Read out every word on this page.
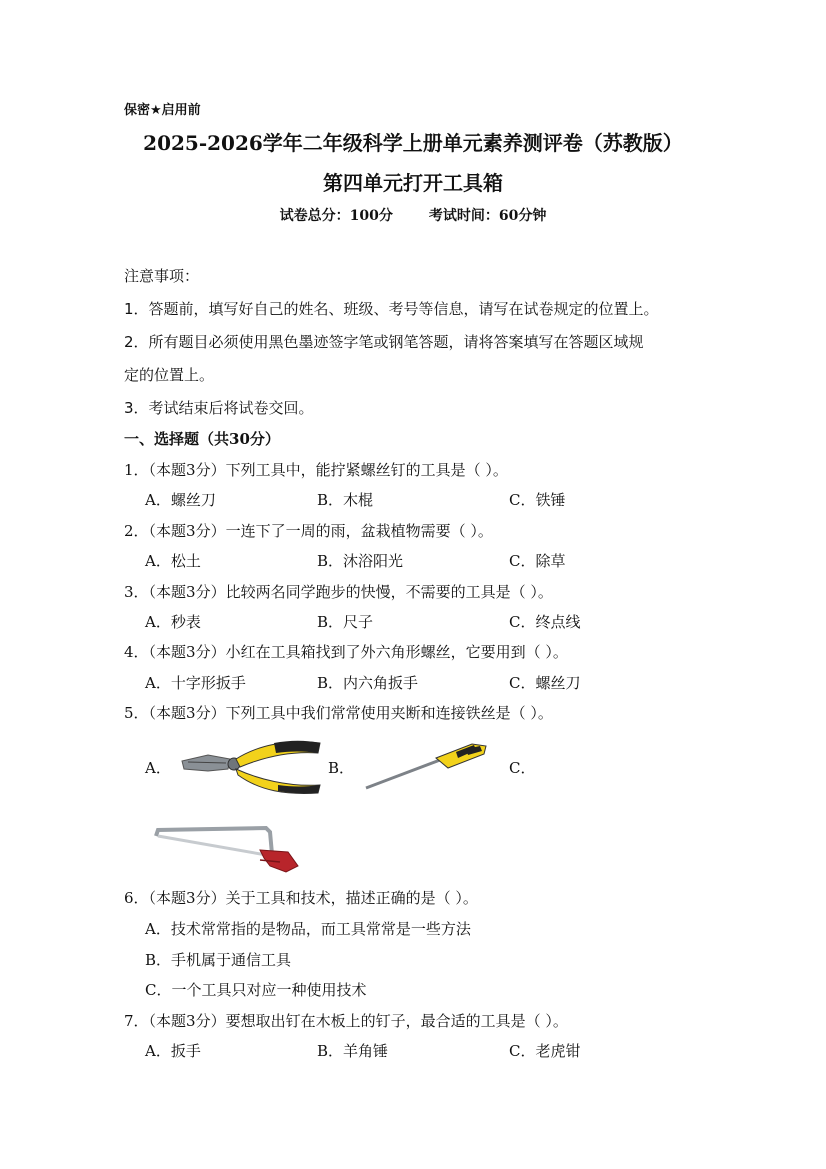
保密★启用前
2025-2026学年二年级科学上册单元素养测评卷（苏教版）
第四单元打开工具箱
试卷总分：100分	考试时间：60分钟
注意事项：
1．答题前，填写好自己的姓名、班级、考号等信息，请写在试卷规定的位置上。
2．所有题目必须使用黑色墨迹签字笔或钢笔答题，请将答案填写在答题区域规
定的位置上。
3．考试结束后将试卷交回。
一、选择题（共30分）
1．（本题3分）下列工具中，能拧紧螺丝钉的工具是（ ）。
A．螺丝刀	B．木棍	C．铁锤
2．（本题3分）一连下了一周的雨，盆栽植物需要（ ）。
A．松土	B．沐浴阳光	C．除草
3．（本题3分）比较两名同学跑步的快慢，不需要的工具是（ ）。
A．秒表	B．尺子	C．终点线
4．（本题3分）小红在工具箱找到了外六角形螺丝，它要用到（ ）。
A．十字形扳手	B．内六角扳手	C．螺丝刀
5．（本题3分）下列工具中我们常常使用夹断和连接铁丝是（ ）。
A．	B．	C．
6．（本题3分）关于工具和技术，描述正确的是（ ）。
A．技术常常指的是物品，而工具常常是一些方法
B．手机属于通信工具
C．一个工具只对应一种使用技术
7．（本题3分）要想取出钉在木板上的钉子，最合适的工具是（ ）。
A．扳手	B．羊角锤	C．老虎钳
